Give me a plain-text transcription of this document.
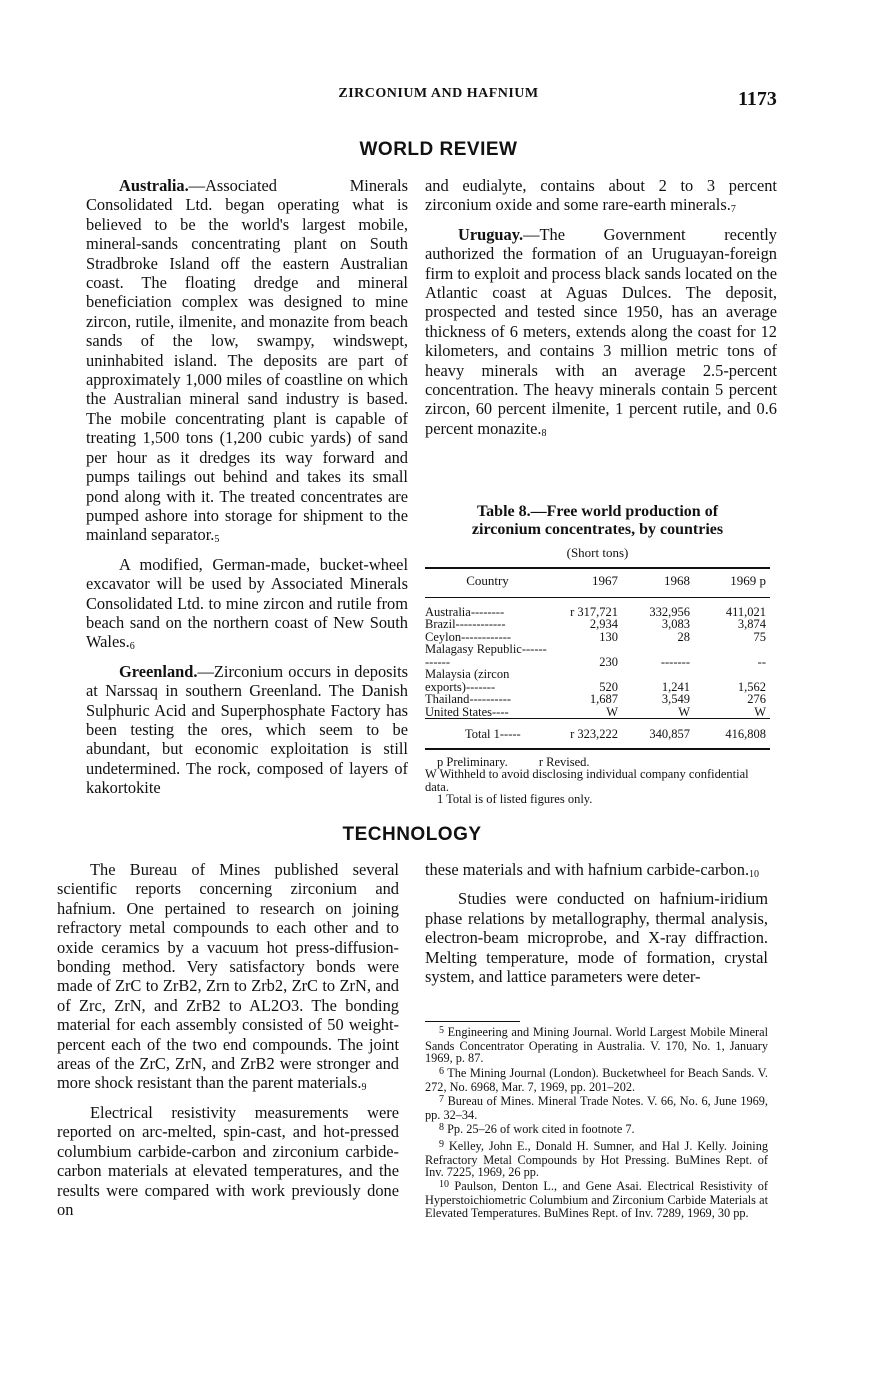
ZIRCONIUM AND HAFNIUM	1173
WORLD REVIEW

Australia.—Associated Minerals Consolidated Ltd. began operating what is believed to be the world's largest mobile, mineral-sands concentrating plant on South Stradbroke Island off the eastern Australian coast. The floating dredge and mineral beneficiation complex was designed to mine zircon, rutile, ilmenite, and monazite from beach sands of the low, swampy, windswept, uninhabited island. The deposits are part of approximately 1,000 miles of coastline on which the Australian mineral sand industry is based. The mobile concentrating plant is capable of treating 1,500 tons (1,200 cubic yards) of sand per hour as it dredges its way forward and pumps tailings out behind and takes its small pond along with it. The treated concentrates are pumped ashore into storage for shipment to the mainland separator.5

A modified, German-made, bucket-wheel excavator will be used by Associated Minerals Consolidated Ltd. to mine zircon and rutile from beach sand on the northern coast of New South Wales.6

Greenland.—Zirconium occurs in deposits at Narssaq in southern Greenland. The Danish Sulphuric Acid and Superphosphate Factory has been testing the ores, which seem to be abundant, but economic exploitation is still undetermined. The rock, composed of layers of kakortokite

and eudialyte, contains about 2 to 3 percent zirconium oxide and some rare-earth minerals.7

Uruguay.—The Government recently authorized the formation of an Uruguayan-foreign firm to exploit and process black sands located on the Atlantic coast at Aguas Dulces. The deposit, prospected and tested since 1950, has an average thickness of 6 meters, extends along the coast for 12 kilometers, and contains 3 million metric tons of heavy minerals with an average 2.5-percent concentration. The heavy minerals contain 5 percent zircon, 60 percent ilmenite, 1 percent rutile, and 0.6 percent monazite.8

Table 8.—Free world production of
zirconium concentrates, by countries
(Short tons)
Country	1967	1968	1969 p
Australia--------	r 317,721	332,956	411,021
Brazil------------	2,934	3,083	3,874
Ceylon------------	130	28	75
Malagasy Republic------------	230	-------	--
Malaysia (zircon exports)-------	520	1,241	1,562
Thailand----------	1,687	3,549	276
United States----	W	W	W
Total 1-----	r 323,222	340,857	416,808
p Preliminary. r Revised.
W Withheld to avoid disclosing individual company confidential data.
1 Total is of listed figures only.
TECHNOLOGY

The Bureau of Mines published several scientific reports concerning zirconium and hafnium. One pertained to research on joining refractory metal compounds to each other and to oxide ceramics by a vacuum hot press-diffusion-bonding method. Very satisfactory bonds were made of ZrC to ZrB2, Zrn to Zrb2, ZrC to ZrN, and of Zrc, ZrN, and ZrB2 to AL2O3. The bonding material for each assembly consisted of 50 weight-percent each of the two end compounds. The joint areas of the ZrC, ZrN, and ZrB2 were stronger and more shock resistant than the parent materials.9

Electrical resistivity measurements were reported on arc-melted, spin-cast, and hot-pressed columbium carbide-carbon and zirconium carbide-carbon materials at elevated temperatures, and the results were compared with work previously done on

these materials and with hafnium carbide-carbon.10

Studies were conducted on hafnium-iridium phase relations by metallography, thermal analysis, electron-beam microprobe, and X-ray diffraction. Melting temperature, mode of formation, crystal system, and lattice parameters were deter-

$^5$ Engineering and Mining Journal. World Largest Mobile Mineral Sands Concentrator Operating in Australia. V. 170, No. 1, January 1969, p. 87.

$^6$ The Mining Journal (London). Bucketwheel for Beach Sands. V. 272, No. 6968, Mar. 7, 1969, pp. 201–202.

$^7$ Bureau of Mines. Mineral Trade Notes. V. 66, No. 6, June 1969, pp. 32–34.

$^8$ Pp. 25–26 of work cited in footnote 7.

$^9$ Kelley, John E., Donald H. Sumner, and Hal J. Kelly. Joining Refractory Metal Compounds by Hot Pressing. BuMines Rept. of Inv. 7225, 1969, 26 pp.

$^{10}$ Paulson, Denton L., and Gene Asai. Electrical Resistivity of Hyperstoichiometric Columbium and Zirconium Carbide Materials at Elevated Temperatures. BuMines Rept. of Inv. 7289, 1969, 30 pp.
